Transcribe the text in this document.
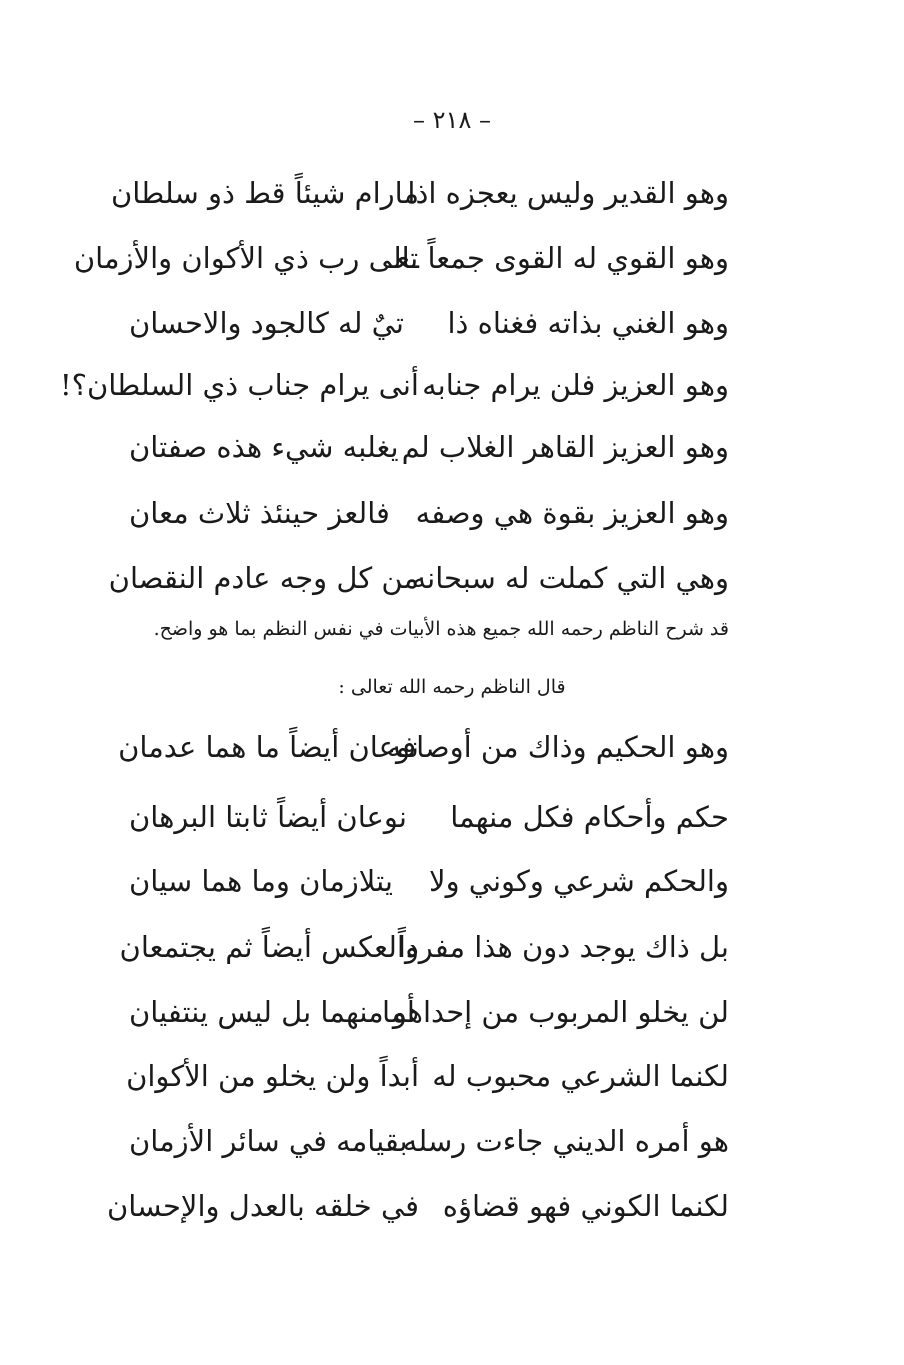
– ٢١٨ –
وهو القدير وليس يعجزه اذا
مارام شيئاً قط ذو سلطان
وهو القوي له القوى جمعاً تعـ
ـالى رب ذي الأكوان والأزمان
وهو الغني بذاته فغناه ذا
تيٌ له كالجود والاحسان
وهو العزيز فلن يرام جنابه
أنى يرام جناب ذي السلطان؟!
وهو العزيز القاهر الغلاب لم
يغلبه شيء هذه صفتان
وهو العزيز بقوة هي وصفه
فالعز حينئذ ثلاث معان
وهي التي كملت له سبحانه
من كل وجه عادم النقصان
قد شرح الناظم رحمه الله جميع هذه الأبيات في نفس النظم بما هو واضح.
قال الناظم رحمه الله تعالى :
وهو الحكيم وذاك من أوصافه
نوعان أيضاً ما هما عدمان
حكم وأحكام فكل منهما
نوعان أيضاً ثابتا البرهان
والحكم شرعي وكوني ولا
يتلازمان وما هما سيان
بل ذاك يوجد دون هذا مفرداً
والعكس أيضاً ثم يجتمعان
لن يخلو المربوب من إحداهما
أو منهما بل ليس ينتفيان
لكنما الشرعي محبوب له
أبداً ولن يخلو من الأكوان
هو أمره الديني جاءت رسله
بقيامه في سائر الأزمان
لكنما الكوني فهو قضاؤه
في خلقه بالعدل والإحسان
